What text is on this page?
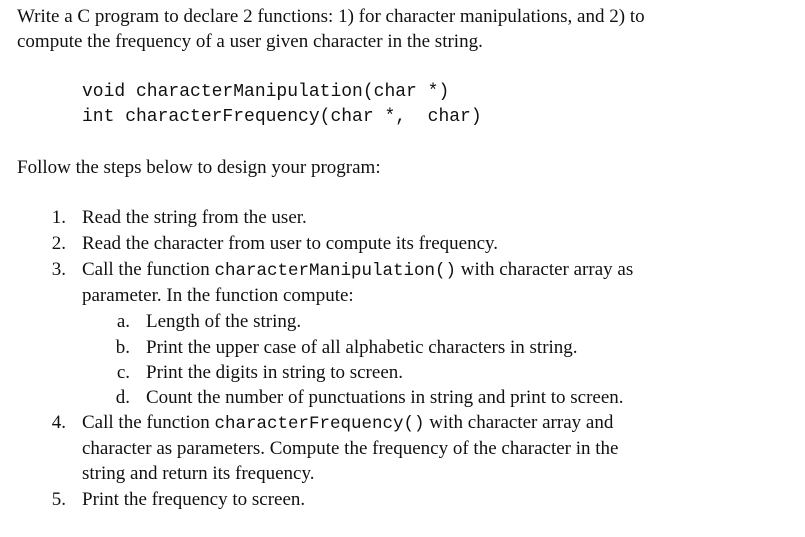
Write a C program to declare 2 functions: 1) for character manipulations, and 2) to
compute the frequency of a user given character in the string.
void characterManipulation(char *)
int characterFrequency(char *,  char)
Follow the steps below to design your program:
1. Read the string from the user.
2. Read the character from user to compute its frequency.
3. Call the function characterManipulation() with character array as
parameter. In the function compute:
a. Length of the string.
b. Print the upper case of all alphabetic characters in string.
c. Print the digits in string to screen.
d. Count the number of punctuations in string and print to screen.
4. Call the function characterFrequency() with character array and
character as parameters. Compute the frequency of the character in the
string and return its frequency.
5. Print the frequency to screen.
